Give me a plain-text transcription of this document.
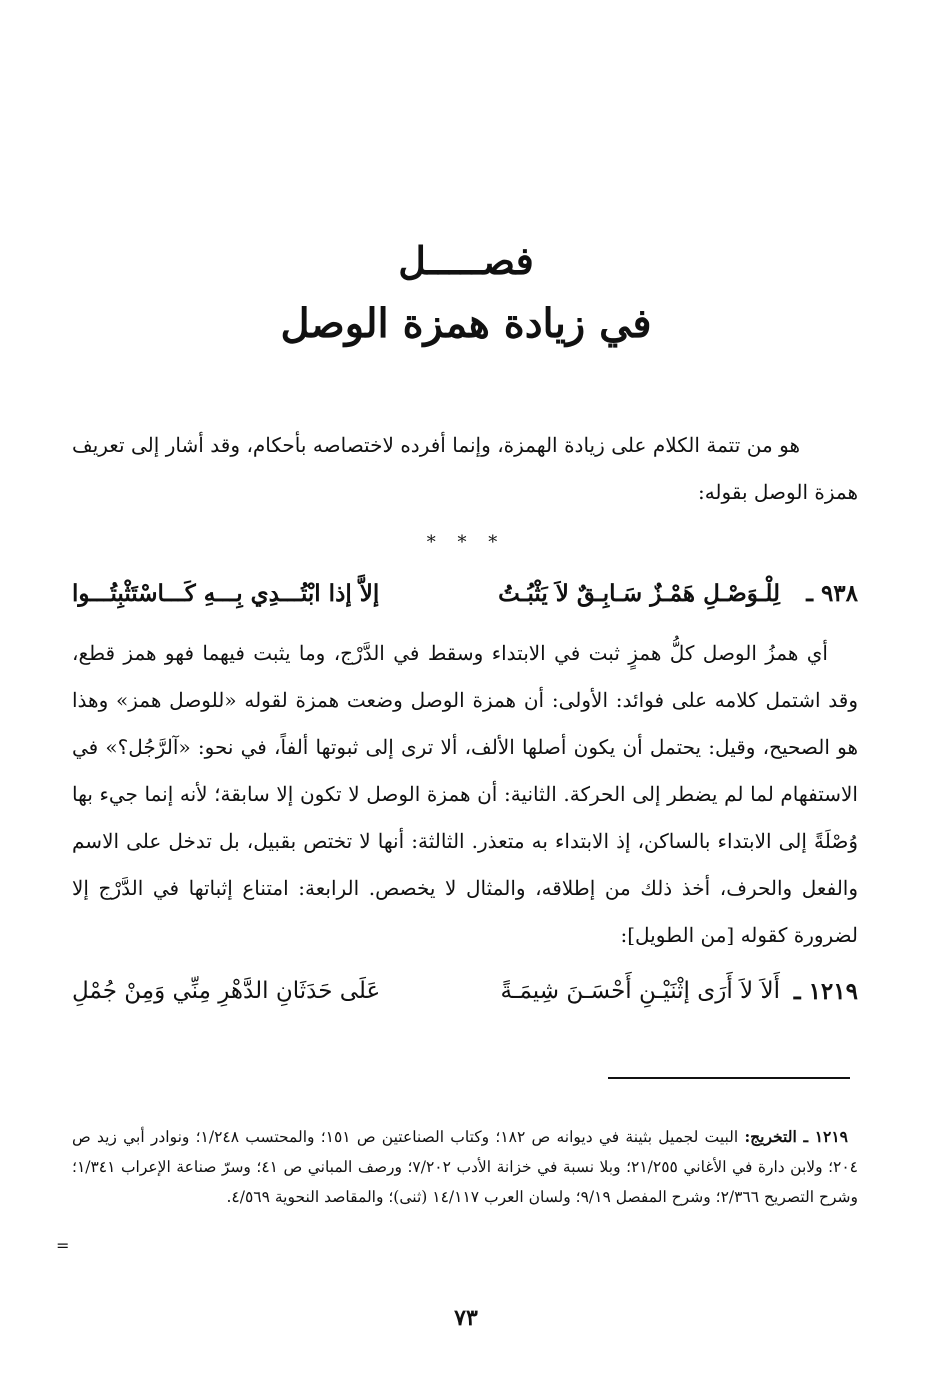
فصـــــل
في زيادة همزة الوصل

هو من تتمة الكلام على زيادة الهمزة، وإنما أفرده لاختصاصه بأحكام، وقد أشار إلى تعريف همزة الوصل بقوله:

* * *
٩٣٨ ـ
لِلْـوَصْـلِ هَمْـزٌ سَـابِـقٌ لاَ يَثْبُـتُ
إلاَّ إذا ابْتُـــدِي بِـــهِ كَـــاسْتَثْبِتُـــوا

أي همزُ الوصل كلُّ همزٍ ثبت في الابتداء وسقط في الدَّرْج، وما يثبت فيهما فهو همز قطع، وقد اشتمل كلامه على فوائد: الأولى: أن همزة الوصل وضعت همزة لقوله «للوصل همز» وهذا هو الصحيح، وقيل: يحتمل أن يكون أصلها الألف، ألا ترى إلى ثبوتها ألفاً، في نحو: «آلرَّجُل؟» في الاستفهام لما لم يضطر إلى الحركة. الثانية: أن همزة الوصل لا تكون إلا سابقة؛ لأنه إنما جيء بها وُصْلَةً إلى الابتداء بالساكن، إذ الابتداء به متعذر. الثالثة: أنها لا تختص بقبيل، بل تدخل على الاسم والفعل والحرف، أخذ ذلك من إطلاقه، والمثال لا يخصص. الرابعة: امتناع إثباتها في الدَّرْج إلا لضرورة كقوله [من الطويل]:

١٢١٩ ـ
أَلاَ لاَ أَرَى إثْنَيْـنِ أَحْسَـنَ شِيمَـةً
عَلَى حَدَثَانِ الدَّهْرِ مِنِّي وَمِنْ جُمْلِ

١٢١٩ ـ التخريج: البيت لجميل بثينة في ديوانه ص ١٨٢؛ وكتاب الصناعتين ص ١٥١؛ والمحتسب ١/٢٤٨؛ ونوادر أبي زيد ص ٢٠٤؛ ولابن دارة في الأغاني ٢١/٢٥٥؛ وبلا نسبة في خزانة الأدب ٧/٢٠٢؛ ورصف المباني ص ٤١؛ وسرّ صناعة الإعراب ١/٣٤١؛ وشرح التصريح ٢/٣٦٦؛ وشرح المفصل ٩/١٩؛ ولسان العرب ١٤/١١٧ (ثنى)؛ والمقاصد النحوية ٤/٥٦٩.

=
٧٣
